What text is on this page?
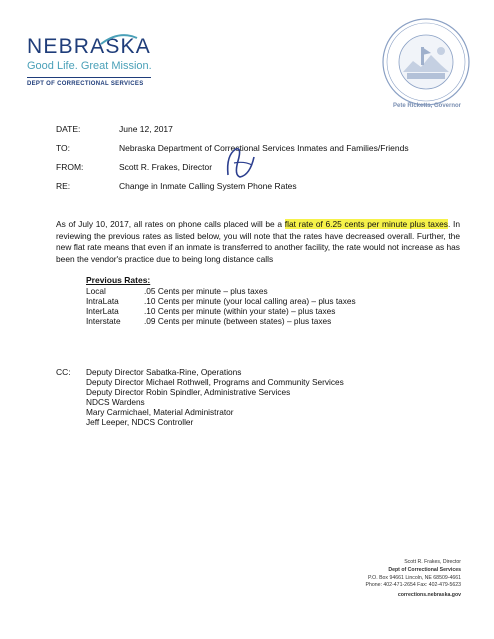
NEBRASKA
Good Life. Great Mission.
DEPT OF CORRECTIONAL SERVICES
Pete Ricketts, Governor
DATE:	June 12, 2017
TO:	Nebraska Department of Correctional Services Inmates and Families/Friends
FROM:	Scott R. Frakes, Director
RE:	Change in Inmate Calling System Phone Rates
As of July 10, 2017, all rates on phone calls placed will be a flat rate of 6.25 cents per minute plus taxes. In reviewing the previous rates as listed below, you will note that the rates have decreased overall. Further, the new flat rate means that even if an inmate is transferred to another facility, the rate would not increase as has been the vendor's practice due to being long distance calls
Previous Rates:
Local	.05 Cents per minute – plus taxes
IntraLata	.10 Cents per minute (your local calling area) – plus taxes
InterLata	.10 Cents per minute (within your state) – plus taxes
Interstate	.09 Cents per minute (between states) – plus taxes
CC: Deputy Director Sabatka-Rine, Operations
Deputy Director Michael Rothwell, Programs and Community Services
Deputy Director Robin Spindler, Administrative Services
NDCS Wardens
Mary Carmichael, Material Administrator
Jeff Leeper, NDCS Controller
Scott R. Frakes, Director
Dept of Correctional Services
P.O. Box 94661 Lincoln, NE 68509-4661
Phone: 402-471-2654 Fax: 402-479-5623
corrections.nebraska.gov
